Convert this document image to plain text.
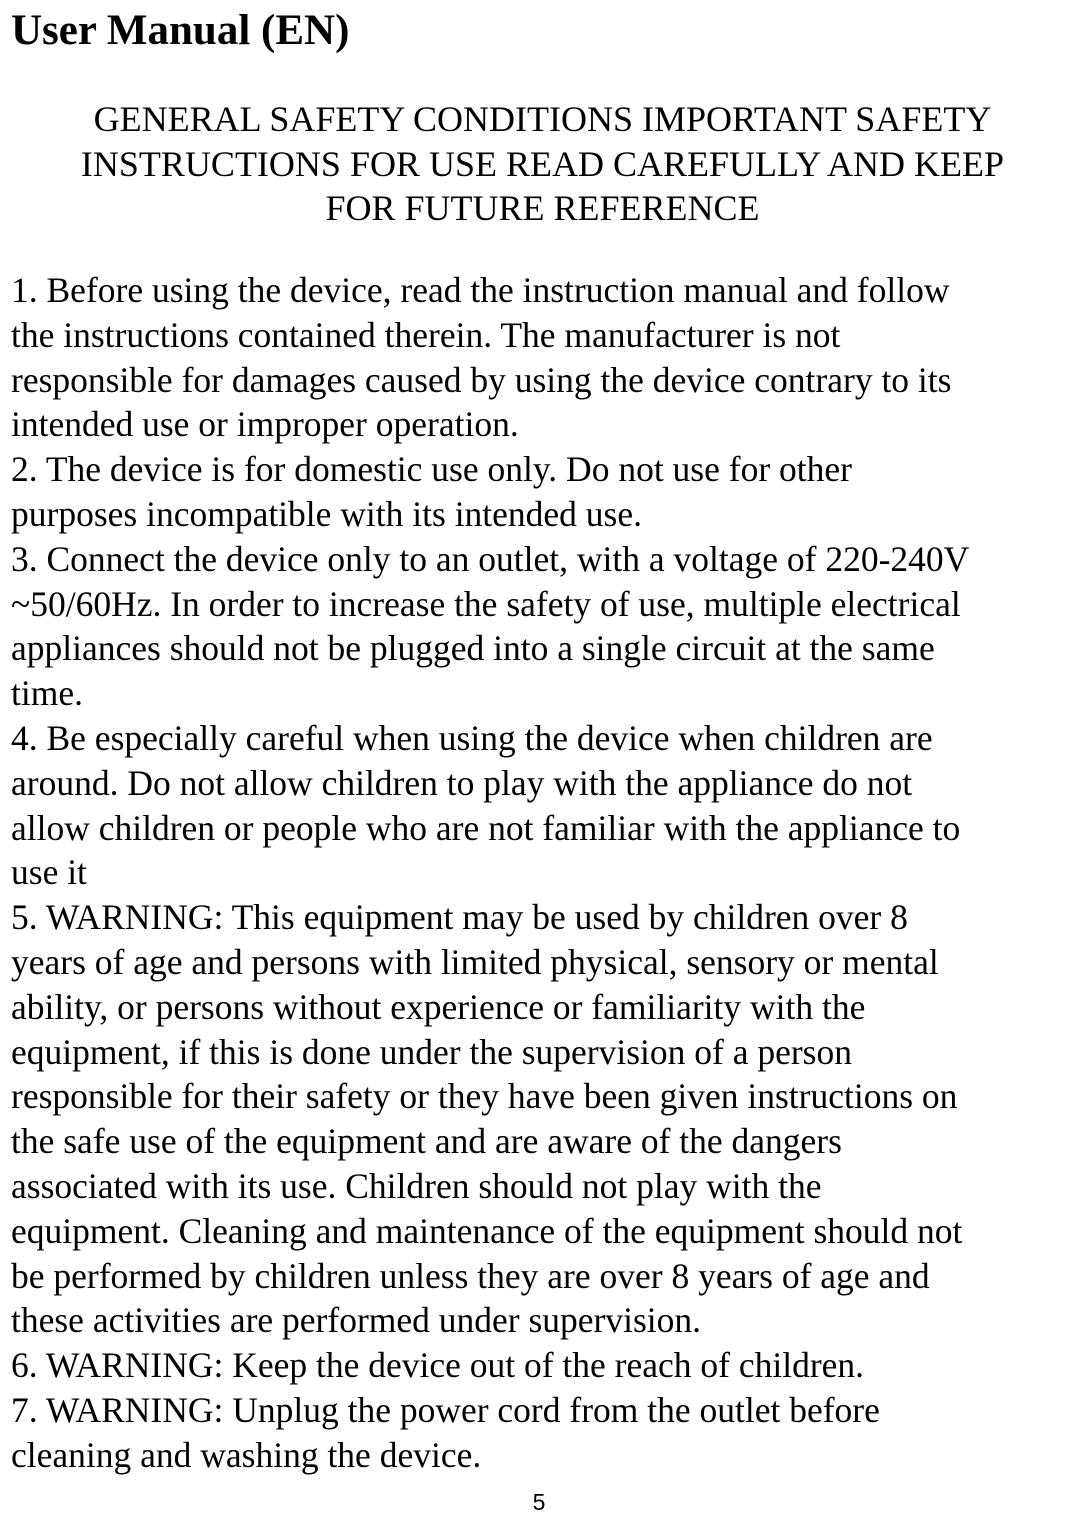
User Manual (EN)
GENERAL SAFETY CONDITIONS IMPORTANT SAFETY
INSTRUCTIONS FOR USE READ CAREFULLY AND KEEP
FOR FUTURE REFERENCE
1. Before using the device, read the instruction manual and follow
the instructions contained therein. The manufacturer is not
responsible for damages caused by using the device contrary to its
intended use or improper operation.
2. The device is for domestic use only. Do not use for other
purposes incompatible with its intended use.
3. Connect the device only to an outlet, with a voltage of 220-240V
~50/60Hz. In order to increase the safety of use, multiple electrical
appliances should not be plugged into a single circuit at the same
time.
4. Be especially careful when using the device when children are
around. Do not allow children to play with the appliance do not
allow children or people who are not familiar with the appliance to
use it
5. WARNING: This equipment may be used by children over 8
years of age and persons with limited physical, sensory or mental
ability, or persons without experience or familiarity with the
equipment, if this is done under the supervision of a person
responsible for their safety or they have been given instructions on
the safe use of the equipment and are aware of the dangers
associated with its use. Children should not play with the
equipment. Cleaning and maintenance of the equipment should not
be performed by children unless they are over 8 years of age and
these activities are performed under supervision.
6. WARNING: Keep the device out of the reach of children.
7. WARNING: Unplug the power cord from the outlet before
cleaning and washing the device.
5
